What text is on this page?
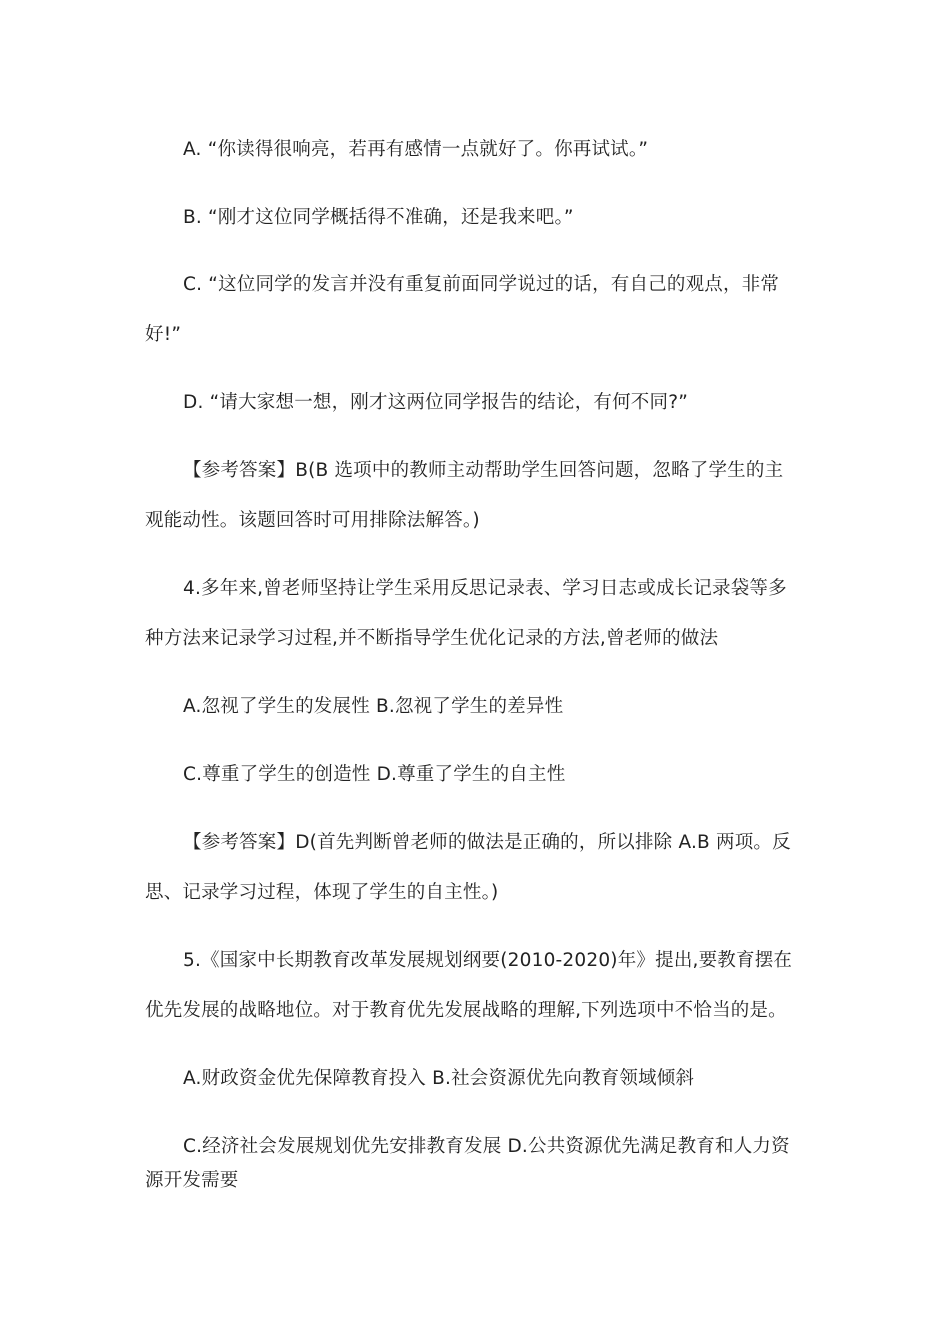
A. “你读得很响亮，若再有感情一点就好了。你再试试。”
B. “刚才这位同学概括得不准确，还是我来吧。”
C. “这位同学的发言并没有重复前面同学说过的话，有自己的观点，非常
好!”
D. “请大家想一想，刚才这两位同学报告的结论，有何不同?”
【参考答案】B(B 选项中的教师主动帮助学生回答问题，忽略了学生的主
观能动性。该题回答时可用排除法解答。)
4.多年来,曾老师坚持让学生采用反思记录表、学习日志或成长记录袋等多
种方法来记录学习过程,并不断指导学生优化记录的方法,曾老师的做法
A.忽视了学生的发展性 B.忽视了学生的差异性
C.尊重了学生的创造性 D.尊重了学生的自主性
【参考答案】D(首先判断曾老师的做法是正确的，所以排除 A.B 两项。反
思、记录学习过程，体现了学生的自主性。)
5.《国家中长期教育改革发展规划纲要(2010-2020)年》提出,要教育摆在
优先发展的战略地位。对于教育优先发展战略的理解,下列选项中不恰当的是。
A.财政资金优先保障教育投入 B.社会资源优先向教育领域倾斜
C.经济社会发展规划优先安排教育发展 D.公共资源优先满足教育和人力资
源开发需要
